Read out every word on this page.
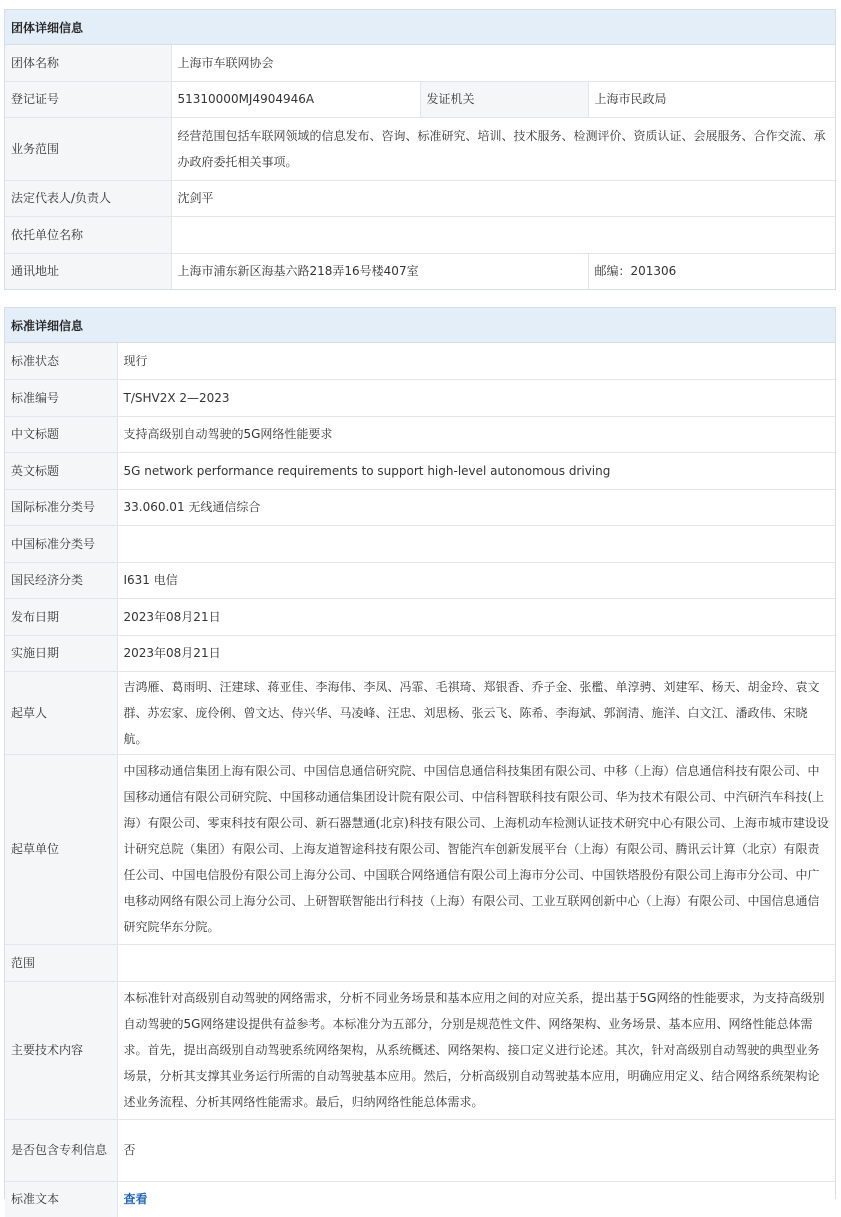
团体详细信息
团体名称	上海市车联网协会		
登记证号	51310000MJ4904946A	发证机关	上海市民政局
业务范围	经营范围包括车联网领域的信息发布、咨询、标准研究、培训、技术服务、检测评价、资质认证、会展服务、合作交流、承办政府委托相关事项。		
法定代表人/负责人	沈剑平		
依托单位名称			
通讯地址	上海市浦东新区海基六路218弄16号楼407室		邮编：201306
标准详细信息
标准状态	现行
标准编号	T/SHV2X 2—2023
中文标题	支持高级别自动驾驶的5G网络性能要求
英文标题	5G network performance requirements to support high-level autonomous driving
国际标准分类号	33.060.01 无线通信综合
中国标准分类号	
国民经济分类	I631 电信
发布日期	2023年08月21日
实施日期	2023年08月21日
起草人	吉鸿雁、葛雨明、汪建球、蒋亚佳、李海伟、李凤、冯霏、毛祺琦、郑银香、乔子金、张檻、单淳骋、刘建军、杨天、胡金玲、袁文群、苏宏家、庞伶俐、曾文达、侍兴华、马凌峰、汪忠、刘思杨、张云飞、陈希、李海斌、郭润清、施洋、白文江、潘政伟、宋晓航。
起草单位	中国移动通信集团上海有限公司、中国信息通信研究院、中国信息通信科技集团有限公司、中移（上海）信息通信科技有限公司、中国移动通信有限公司研究院、中国移动通信集团设计院有限公司、中信科智联科技有限公司、华为技术有限公司、中汽研汽车科技(上海）有限公司、零束科技有限公司、新石器慧通(北京)科技有限公司、上海机动车检测认证技术研究中心有限公司、上海市城市建设设计研究总院（集团）有限公司、上海友道智途科技有限公司、智能汽车创新发展平台（上海）有限公司、腾讯云计算（北京）有限责任公司、中国电信股份有限公司上海分公司、中国联合网络通信有限公司上海市分公司、中国铁塔股份有限公司上海市分公司、中广电移动网络有限公司上海分公司、上研智联智能出行科技（上海）有限公司、工业互联网创新中心（上海）有限公司、中国信息通信研究院华东分院。
范围	
主要技术内容	本标准针对高级别自动驾驶的网络需求，分析不同业务场景和基本应用之间的对应关系，提出基于5G网络的性能要求，为支持高级别自动驾驶的5G网络建设提供有益参考。本标准分为五部分，分别是规范性文件、网络架构、业务场景、基本应用、网络性能总体需求。首先，提出高级别自动驾驶系统网络架构，从系统概述、网络架构、接口定义进行论述。其次，针对高级别自动驾驶的典型业务场景，分析其支撑其业务运行所需的自动驾驶基本应用。然后，分析高级别自动驾驶基本应用，明确应用定义、结合网络系统架构论述业务流程、分析其网络性能需求。最后，归纳网络性能总体需求。
是否包含专利信息	否
标准文本	查看
